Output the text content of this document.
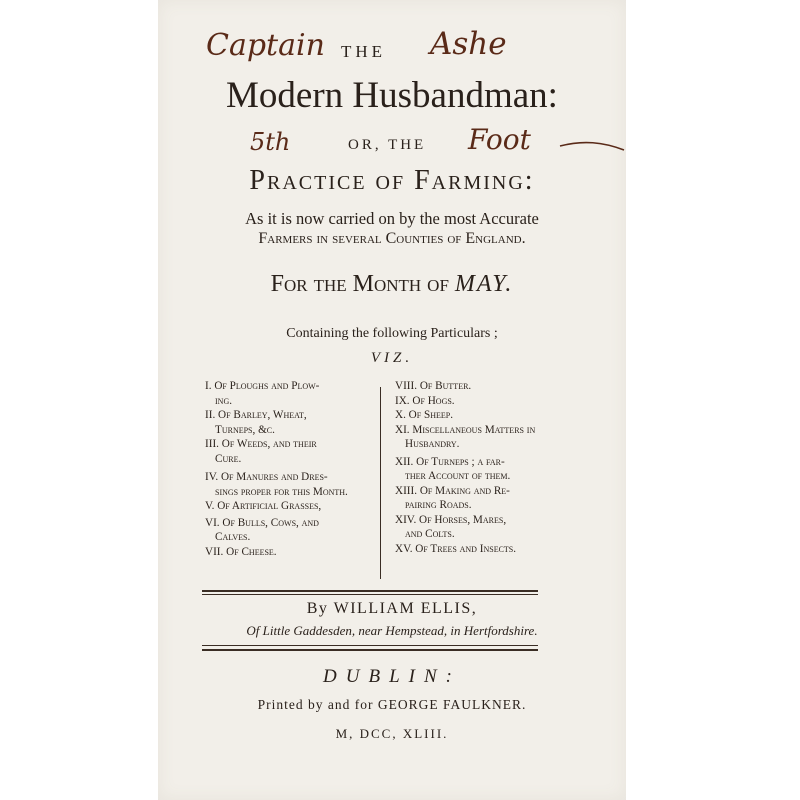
Captain	Ashe
5th	Foot
THE
Modern Husbandman:
OR, THE
Practice of Farming:
As it is now carried on by the most Accurate
Farmers in several Counties of England.
For the Month of MAY.
Containing the following Particulars ;
VIZ.
I. Of Ploughs and Plow-
ing.
II. Of Barley, Wheat,
Turneps, &c.
III. Of Weeds, and their
Cure.
IV. Of Manures and Dres-
sings proper for this Month.
V. Of Artificial Grasses,
VI. Of Bulls, Cows, and
Calves.
VII. Of Cheese.
VIII. Of Butter.
IX. Of Hogs.
X. Of Sheep.
XI. Miscellaneous Matters in
Husbandry.
XII. Of Turneps ; a far-
ther Account of them.
XIII. Of Making and Re-
pairing Roads.
XIV. Of Horses, Mares,
and Colts.
XV. Of Trees and Insects.
By WILLIAM ELLIS,
Of Little Gaddesden, near Hempstead, in Hertfordshire.
DUBLIN:
Printed by and for GEORGE FAULKNER.
M, DCC, XLIII.
